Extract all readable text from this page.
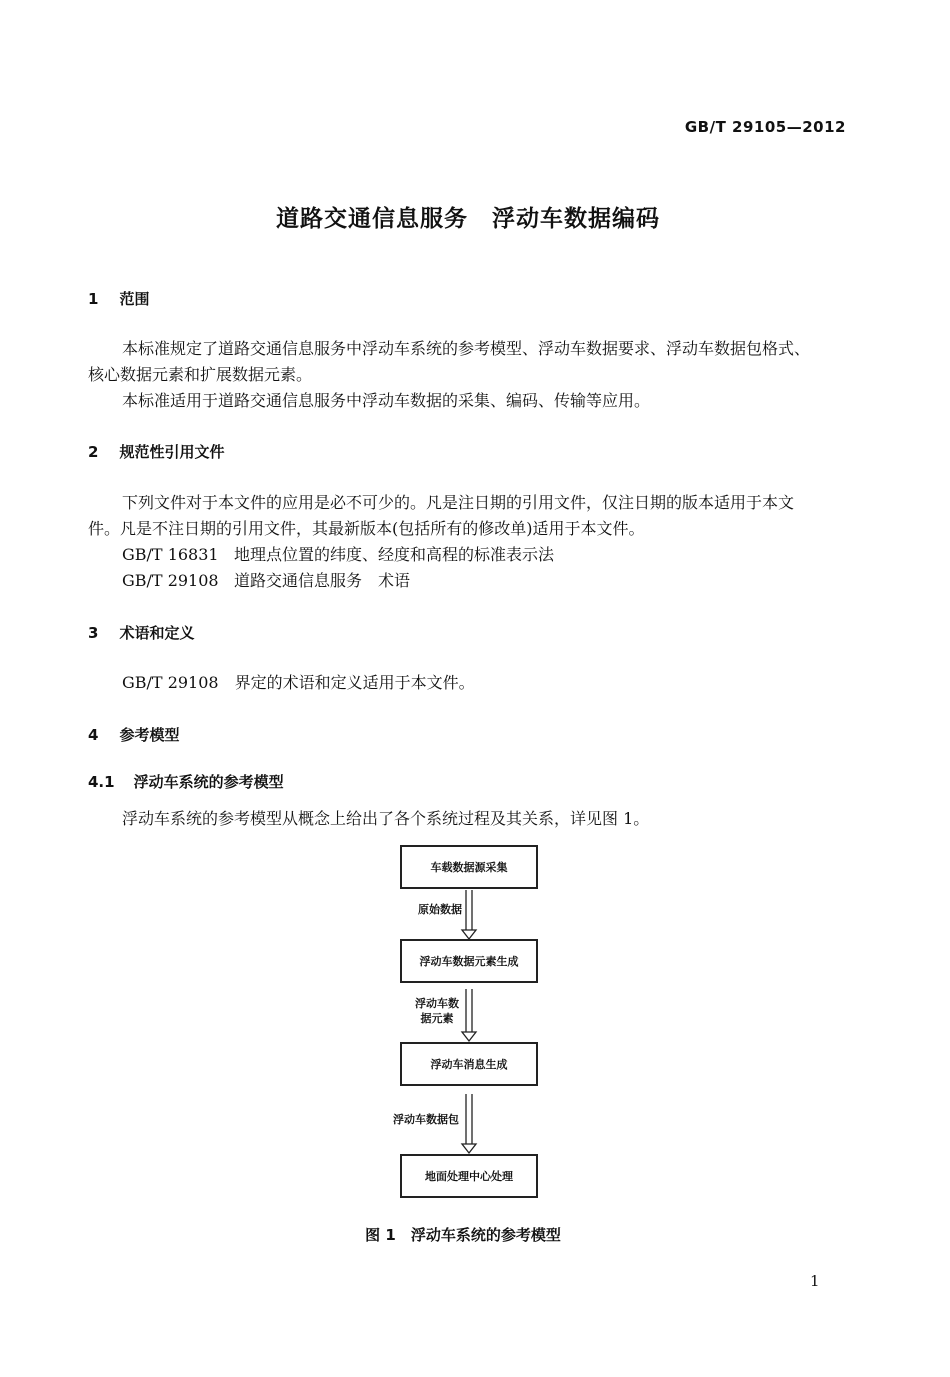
GB/T 29105—2012
道路交通信息服务　浮动车数据编码
1 范围
本标准规定了道路交通信息服务中浮动车系统的参考模型、浮动车数据要求、浮动车数据包格式、
核心数据元素和扩展数据元素。
本标准适用于道路交通信息服务中浮动车数据的采集、编码、传输等应用。
2 规范性引用文件
下列文件对于本文件的应用是必不可少的。凡是注日期的引用文件，仅注日期的版本适用于本文
件。凡是不注日期的引用文件，其最新版本(包括所有的修改单)适用于本文件。
GB/T 16831 地理点位置的纬度、经度和高程的标准表示法
GB/T 29108 道路交通信息服务　术语
3 术语和定义
GB/T 29108　界定的术语和定义适用于本文件。
4 参考模型
4.1 浮动车系统的参考模型
浮动车系统的参考模型从概念上给出了各个系统过程及其关系，详见图 1。
车载数据源采集
原始数据
浮动车数据元素生成
浮动车数
据元素
浮动车消息生成
浮动车数据包
地面处理中心处理
图 1　浮动车系统的参考模型
1
